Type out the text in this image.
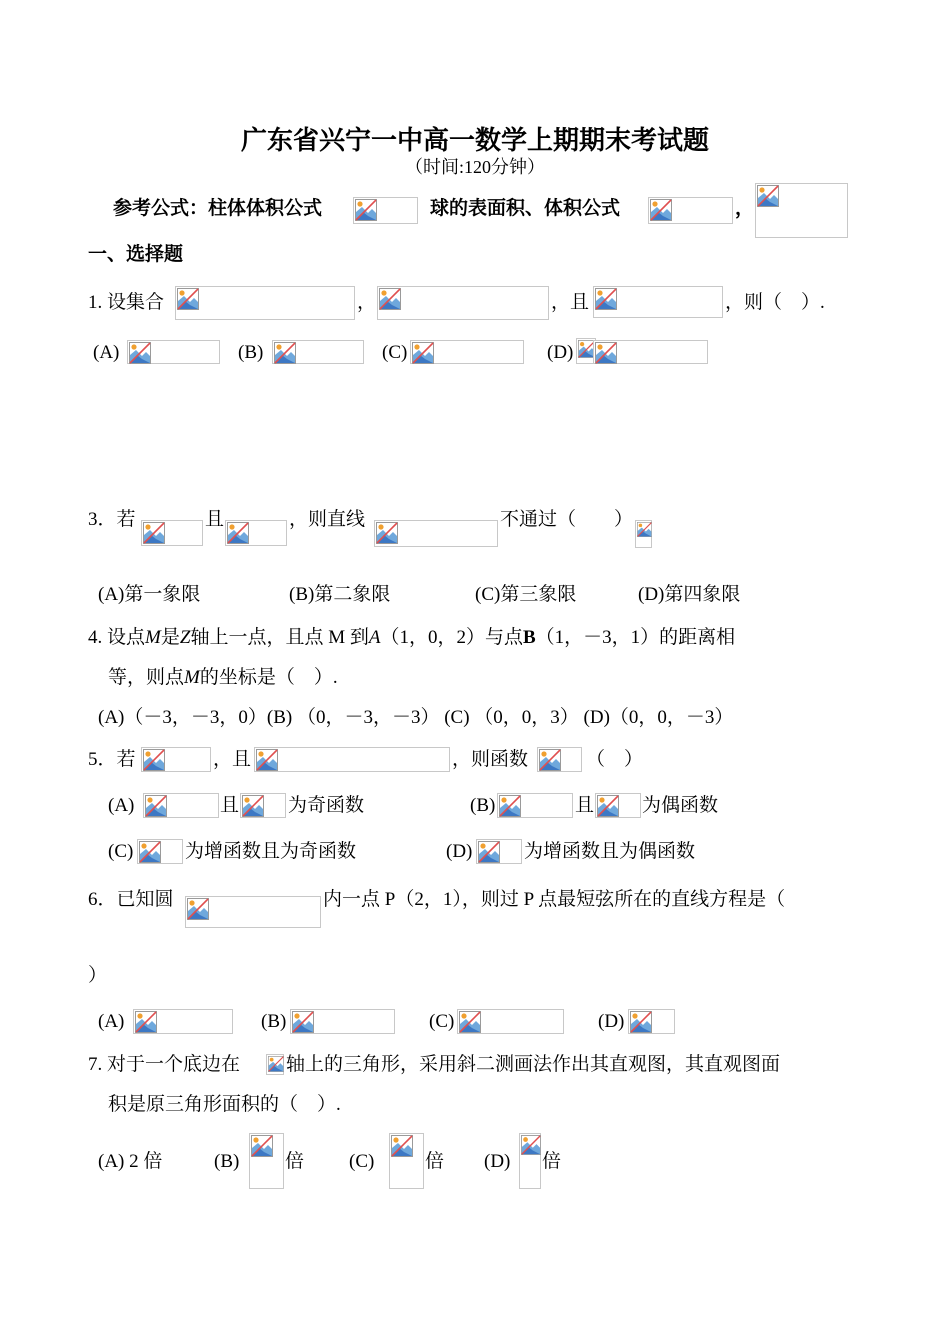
广东省兴宁一中高一数学上期期末考试题
（时间:120分钟）
参考公式：柱体体积公式	球的表面积、体积公式	，
一、选择题
1. 设集合	，	，且	，则（　）.
(A)	(B)	(C)	(D)
3．若	且	，则直线	不通过（　　）
(A)第一象限	(B)第二象限	(C)第三象限	(D)第四象限
4. 设点M是Z轴上一点，且点 M 到A（1，0，2）与点B（1，－3，1）的距离相
等，则点M的坐标是（　）.
(A)（－3，－3，0）(B) （0，－3，－3） (C) （0，0，3） (D)（0，0，－3）
5．若	，且	，则函数	（　）
(A)	且	为奇函数	(B)	且	为偶函数
(C)	为增函数且为奇函数	(D)	为增函数且为偶函数
6．已知圆	内一点 P（2，1），则过 P 点最短弦所在的直线方程是（
）
(A)	(B)	(C)	(D)
7. 对于一个底边在 轴上的三角形，采用斜二测画法作出其直观图，其直观图面
积是原三角形面积的（　）.
(A) 2 倍	(B) 倍 (C)	倍 (D) 倍
